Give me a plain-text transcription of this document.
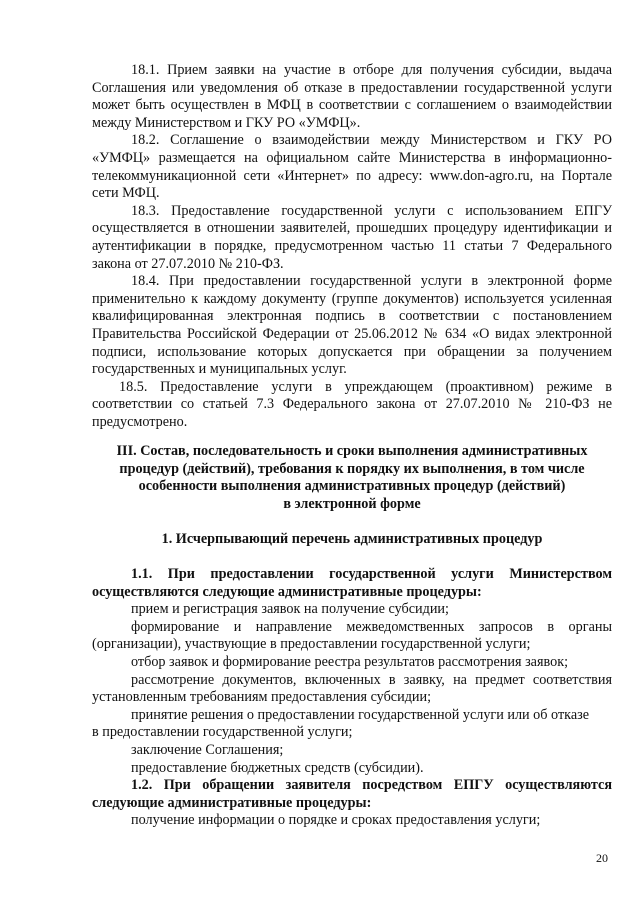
18.1. Прием заявки на участие в отборе для получения субсидии, выдача Соглашения или уведомления об отказе в предоставлении государственной услуги может быть осуществлен в МФЦ в соответствии с соглашением о взаимодействии между Министерством и ГКУ РО «УМФЦ».

18.2. Соглашение о взаимодействии между Министерством и ГКУ РО «УМФЦ» размещается на официальном сайте Министерства в информационно-телекоммуникационной сети «Интернет» по адресу: www.don-agro.ru, на Портале сети МФЦ.

18.3. Предоставление государственной услуги с использованием ЕПГУ осуществляется в отношении заявителей, прошедших процедуру идентификации и аутентификации в порядке, предусмотренном частью 11 статьи 7 Федерального закона от 27.07.2010 № 210-ФЗ.

18.4. При предоставлении государственной услуги в электронной форме применительно к каждому документу (группе документов) используется усиленная квалифицированная электронная подпись в соответствии с постановлением Правительства Российской Федерации от 25.06.2012 № 634 «О видах электронной подписи, использование которых допускается при обращении за получением государственных и муниципальных услуг.

18.5. Предоставление услуги в упреждающем (проактивном) режиме в соответствии со статьей 7.3 Федерального закона от 27.07.2010 № 210-ФЗ не предусмотрено.

III. Состав, последовательность и сроки выполнения административных

процедур (действий), требования к порядку их выполнения, в том числе

особенности выполнения административных процедур (действий)

в электронной форме

1. Исчерпывающий перечень административных процедур

1.1. При предоставлении государственной услуги Министерством осуществляются следующие административные процедуры:

прием и регистрация заявок на получение субсидии;

формирование и направление межведомственных запросов в органы (организации), участвующие в предоставлении государственной услуги;

отбор заявок и формирование реестра результатов рассмотрения заявок;

рассмотрение документов, включенных в заявку, на предмет соответствия установленным требованиям предоставления субсидии;

принятие решения о предоставлении государственной услуги или об отказе

в предоставлении государственной услуги;

заключение Соглашения;

предоставление бюджетных средств (субсидии).

1.2. При обращении заявителя посредством ЕПГУ осуществляются следующие административные процедуры:

получение информации о порядке и сроках предоставления услуги;

20
